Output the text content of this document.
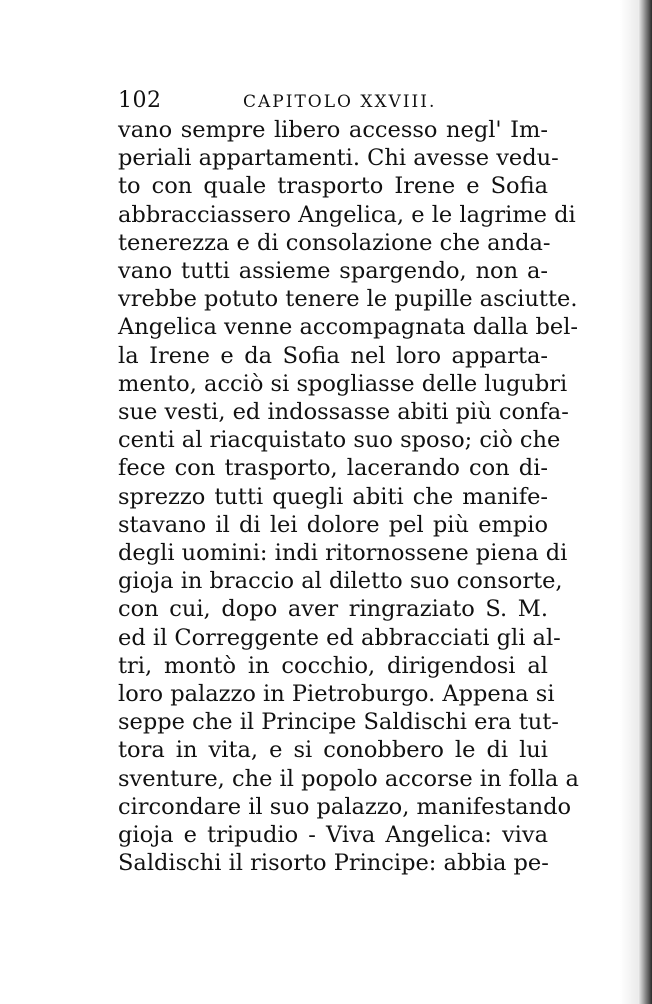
102	CAPITOLO XXVIII.
vano sempre libero accesso negl' Im-
periali appartamenti. Chi avesse vedu-
to con quale trasporto Irene e Sofia
abbracciassero Angelica, e le lagrime di
tenerezza e di consolazione che anda-
vano tutti assieme spargendo, non a-
vrebbe potuto tenere le pupille asciutte.
Angelica venne accompagnata dalla bel-
la Irene e da Sofia nel loro apparta-
mento, acciò si spogliasse delle lugubri
sue vesti, ed indossasse abiti più confa-
centi al riacquistato suo sposo; ciò che
fece con trasporto, lacerando con di-
sprezzo tutti quegli abiti che manife-
stavano il di lei dolore pel più empio
degli uomini: indi ritornossene piena di
gioja in braccio al diletto suo consorte,
con cui, dopo aver ringraziato S. M.
ed il Correggente ed abbracciati gli al-
tri, montò in cocchio, dirigendosi al
loro palazzo in Pietroburgo. Appena si
seppe che il Principe Saldischi era tut-
tora in vita, e si conobbero le di lui
sventure, che il popolo accorse in folla a
circondare il suo palazzo, manifestando
gioja e tripudio - Viva Angelica: viva
Saldischi il risorto Principe: abbia pe-
